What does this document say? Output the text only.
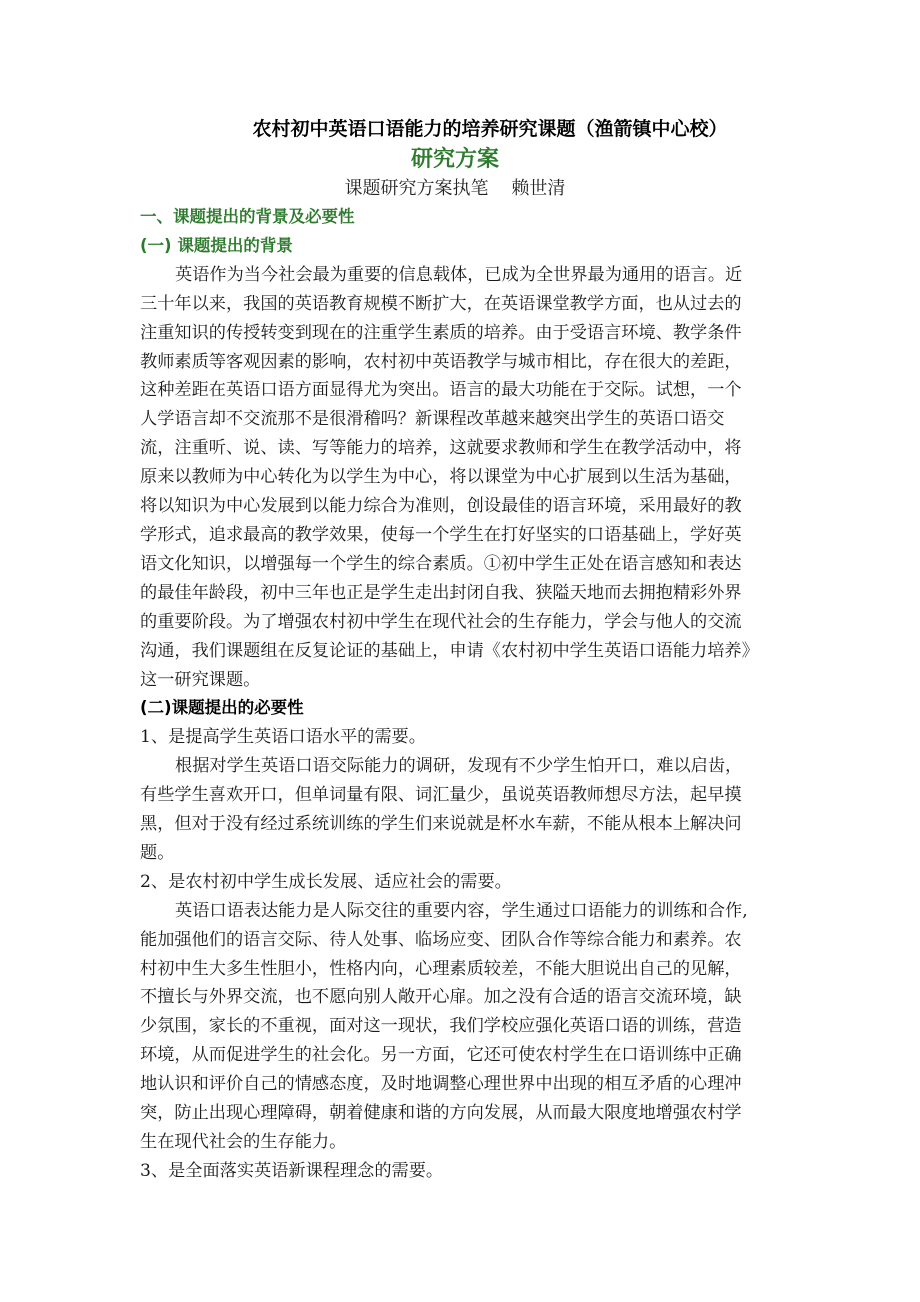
农村初中英语口语能力的培养研究课题（渔箭镇中心校）
研究方案
课题研究方案执笔    赖世清

一、课题提出的背景及必要性

(一) 课题提出的背景

英语作为当今社会最为重要的信息载体，已成为全世界最为通用的语言。近

三十年以来，我国的英语教育规模不断扩大，在英语课堂教学方面，也从过去的

注重知识的传授转变到现在的注重学生素质的培养。由于受语言环境、教学条件

教师素质等客观因素的影响，农村初中英语教学与城市相比，存在很大的差距，

这种差距在英语口语方面显得尤为突出。语言的最大功能在于交际。试想，一个

人学语言却不交流那不是很滑稽吗？新课程改革越来越突出学生的英语口语交

流，注重听、说、读、写等能力的培养，这就要求教师和学生在教学活动中，将

原来以教师为中心转化为以学生为中心，将以课堂为中心扩展到以生活为基础，

将以知识为中心发展到以能力综合为准则，创设最佳的语言环境，采用最好的教

学形式，追求最高的教学效果，使每一个学生在打好坚实的口语基础上，学好英

语文化知识，以增强每一个学生的综合素质。①初中学生正处在语言感知和表达

的最佳年龄段，初中三年也正是学生走出封闭自我、狭隘天地而去拥抱精彩外界

的重要阶段。为了增强农村初中学生在现代社会的生存能力，学会与他人的交流

沟通，我们课题组在反复论证的基础上，申请《农村初中学生英语口语能力培养》

这一研究课题。

(二)课题提出的必要性

1、是提高学生英语口语水平的需要。

根据对学生英语口语交际能力的调研，发现有不少学生怕开口，难以启齿，

有些学生喜欢开口，但单词量有限、词汇量少，虽说英语教师想尽方法，起早摸

黑，但对于没有经过系统训练的学生们来说就是杯水车薪，不能从根本上解决问

题。

2、是农村初中学生成长发展、适应社会的需要。

英语口语表达能力是人际交往的重要内容，学生通过口语能力的训练和合作,

能加强他们的语言交际、待人处事、临场应变、团队合作等综合能力和素养。农

村初中生大多生性胆小，性格内向，心理素质较差，不能大胆说出自己的见解，

不擅长与外界交流，也不愿向别人敞开心扉。加之没有合适的语言交流环境，缺

少氛围，家长的不重视，面对这一现状，我们学校应强化英语口语的训练，营造

环境，从而促进学生的社会化。另一方面，它还可使农村学生在口语训练中正确

地认识和评价自己的情感态度，及时地调整心理世界中出现的相互矛盾的心理冲

突，防止出现心理障碍，朝着健康和谐的方向发展，从而最大限度地增强农村学

生在现代社会的生存能力。

3、是全面落实英语新课程理念的需要。
